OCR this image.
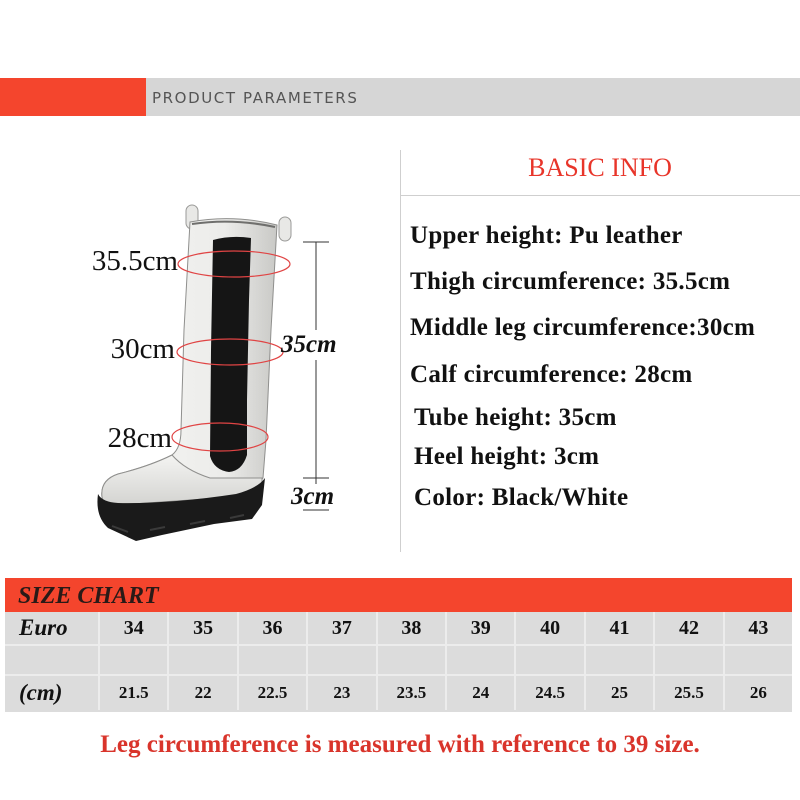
PRODUCT PARAMETERS
35.5cm
30cm
28cm
35cm
3cm
BASIC INFO
Upper height: Pu leather
Thigh circumference: 35.5cm
Middle leg circumference:30cm
Calf circumference: 28cm
Tube height: 35cm
Heel height: 3cm
Color: Black/White
SIZE CHART
Euro	34	35	36	37	38	39	40	41	42	43
(cm)	21.5	22	22.5	23	23.5	24	24.5	25	25.5	26
Leg circumference is measured with reference to 39 size.
